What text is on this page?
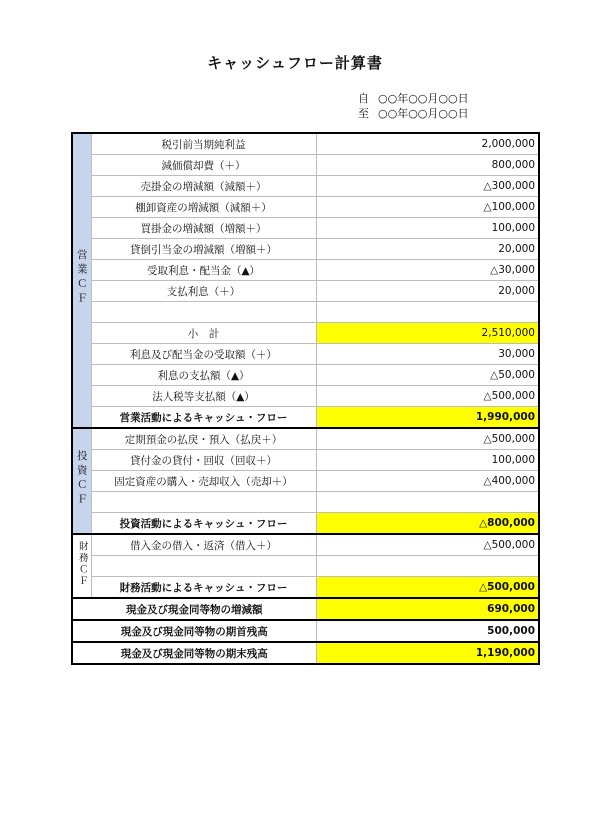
キャッシュフロー計算書
自 ○○年○○月○○日
至 ○○年○○月○○日
営業ＣＦ	税引前当期純利益	2,000,000
	減価償却費（＋）	800,000
	売掛金の増減額（減額＋）	△300,000
	棚卸資産の増減額（減額＋）	△100,000
	買掛金の増減額（増額＋）	100,000
	貸倒引当金の増減額（増額＋）	20,000
	受取利息・配当金（▲）	△30,000
	支払利息（＋）	20,000

	小　計	2,510,000
	利息及び配当金の受取額（＋）	30,000
	利息の支払額（▲）	△50,000
	法人税等支払額（▲）	△500,000
	営業活動によるキャッシュ・フロー	1,990,000
投資ＣＦ	定期預金の払戻・預入（払戻＋）	△500,000
	貸付金の貸付・回収（回収＋）	100,000
	固定資産の購入・売却収入（売却＋）	△400,000

	投資活動によるキャッシュ・フロー	△800,000
財務ＣＦ	借入金の借入・返済（借入＋）	△500,000

	財務活動によるキャッシュ・フロー	△500,000
現金及び現金同等物の増減額		690,000
現金及び現金同等物の期首残高		500,000
現金及び現金同等物の期末残高		1,190,000
